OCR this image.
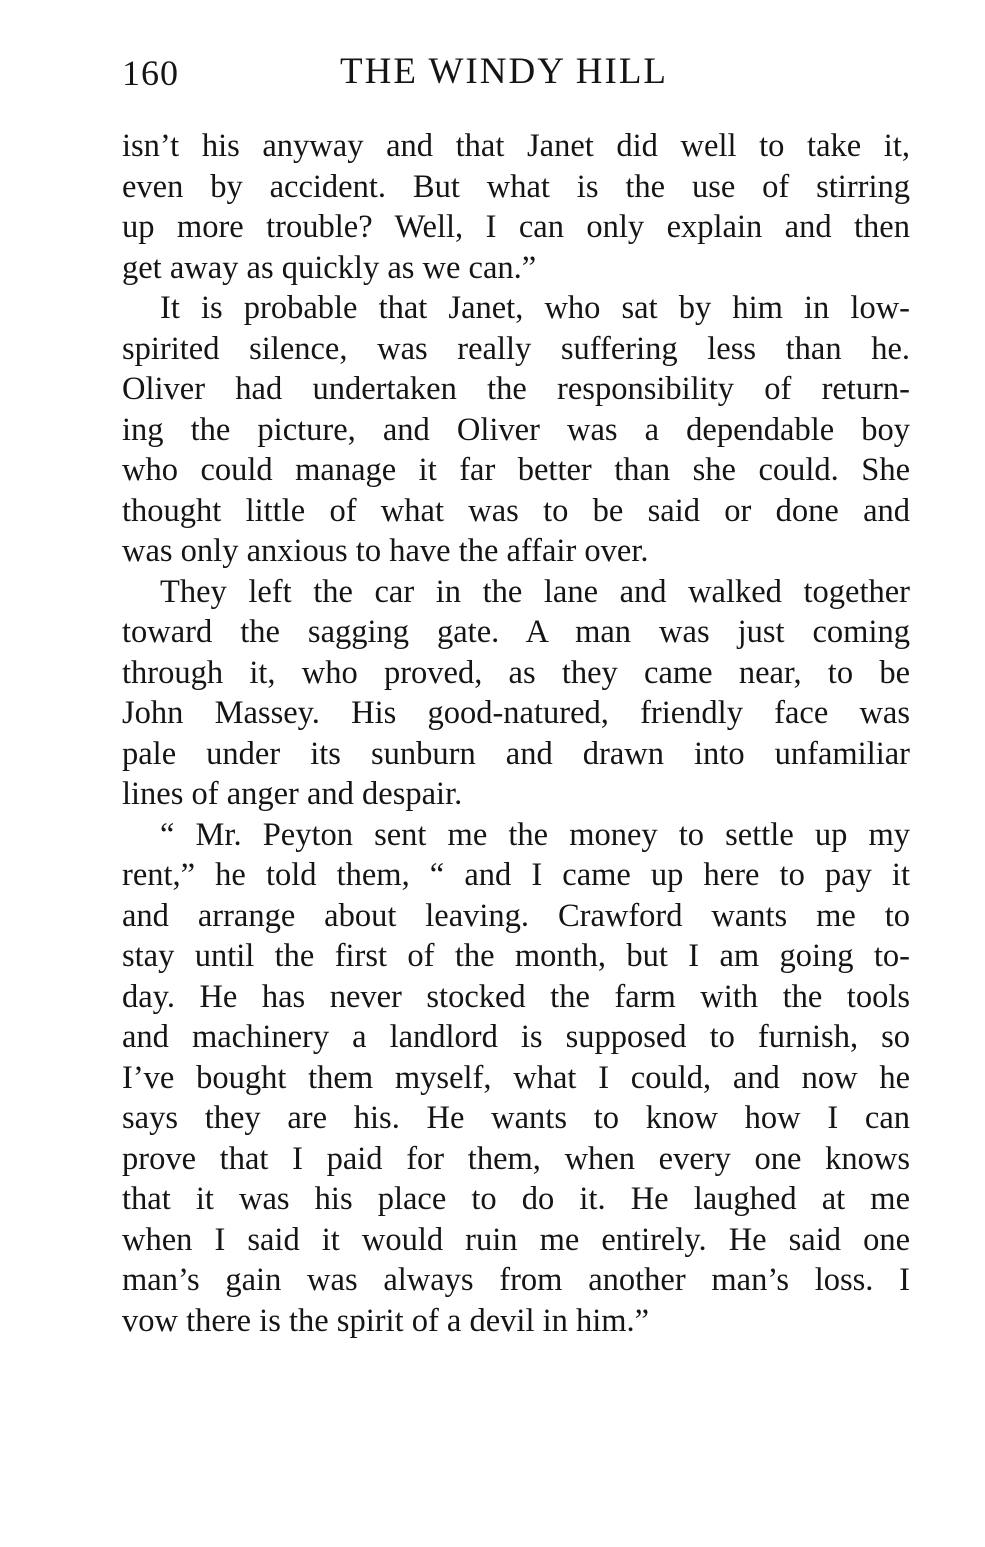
160	THE WINDY HILL
isn’t his anyway and that Janet did well to take it,
even by accident. But what is the use of stirring
up more trouble? Well, I can only explain and then
get away as quickly as we can.”
It is probable that Janet, who sat by him in low-
spirited silence, was really suffering less than he.
Oliver had undertaken the responsibility of return-
ing the picture, and Oliver was a dependable boy
who could manage it far better than she could. She
thought little of what was to be said or done and
was only anxious to have the affair over.
They left the car in the lane and walked together
toward the sagging gate. A man was just coming
through it, who proved, as they came near, to be
John Massey. His good-natured, friendly face was
pale under its sunburn and drawn into unfamiliar
lines of anger and despair.
“ Mr. Peyton sent me the money to settle up my
rent,” he told them, “ and I came up here to pay it
and arrange about leaving. Crawford wants me to
stay until the first of the month, but I am going to-
day. He has never stocked the farm with the tools
and machinery a landlord is supposed to furnish, so
I’ve bought them myself, what I could, and now he
says they are his. He wants to know how I can
prove that I paid for them, when every one knows
that it was his place to do it. He laughed at me
when I said it would ruin me entirely. He said one
man’s gain was always from another man’s loss. I
vow there is the spirit of a devil in him.”
